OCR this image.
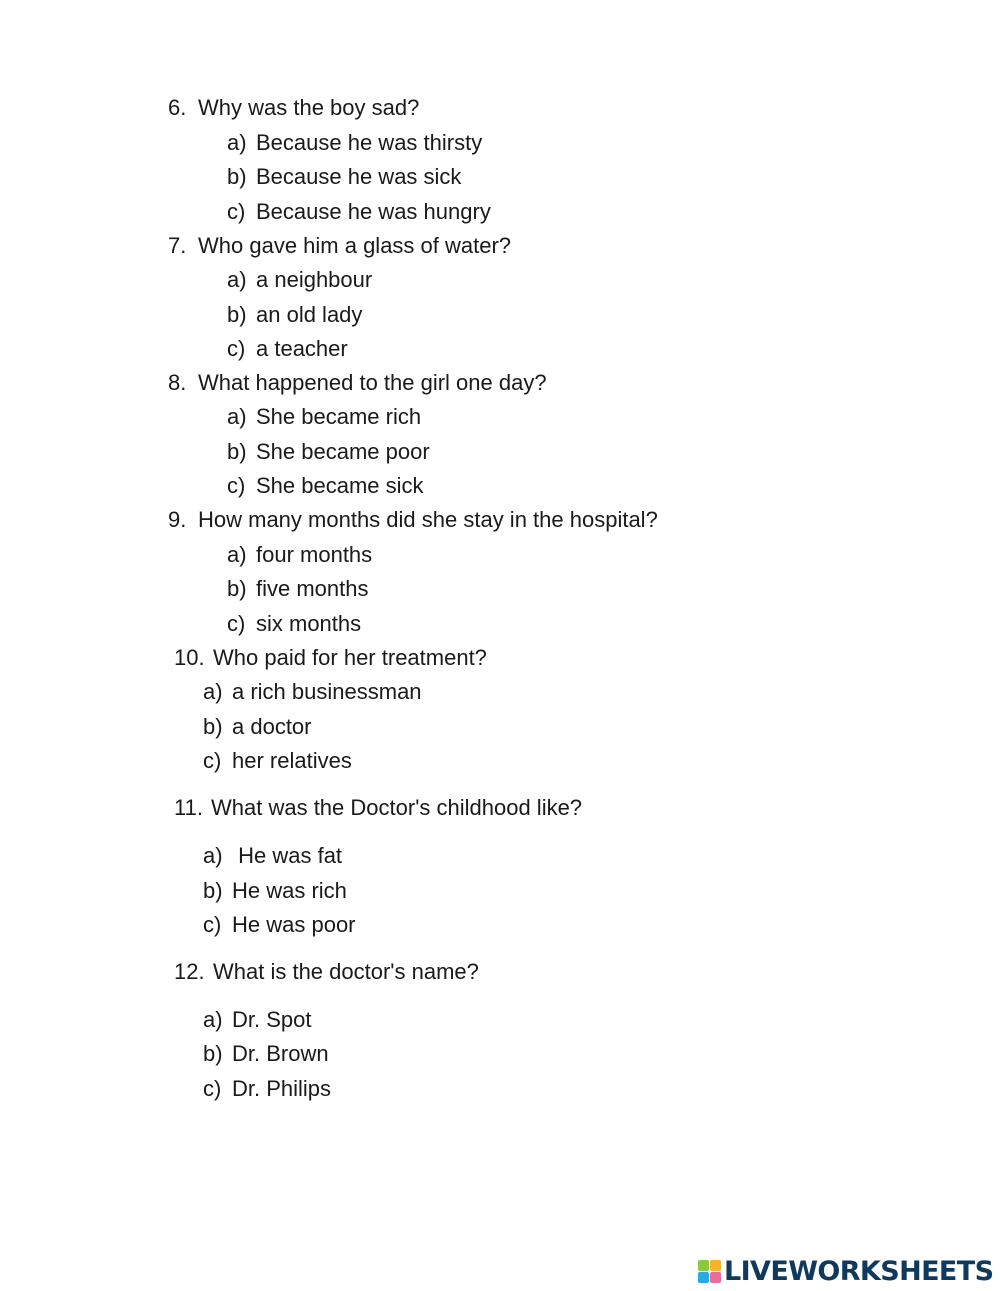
6. Why was the boy sad?
a) Because he was thirsty
b) Because he was sick
c) Because he was hungry
7. Who gave him a glass of water?
a) a neighbour
b) an old lady
c) a teacher
8. What happened to the girl one day?
a) She became rich
b) She became poor
c) She became sick
9. How many months did she stay in the hospital?
a) four months
b) five months
c) six months
10. Who paid for her treatment?
a) a rich businessman
b) a doctor
c) her relatives
11. What was the Doctor's childhood like?
a) He was fat
b) He was rich
c) He was poor
12. What is the doctor's name?
a) Dr. Spot
b) Dr. Brown
c) Dr. Philips
LIVEWORKSHEETS
